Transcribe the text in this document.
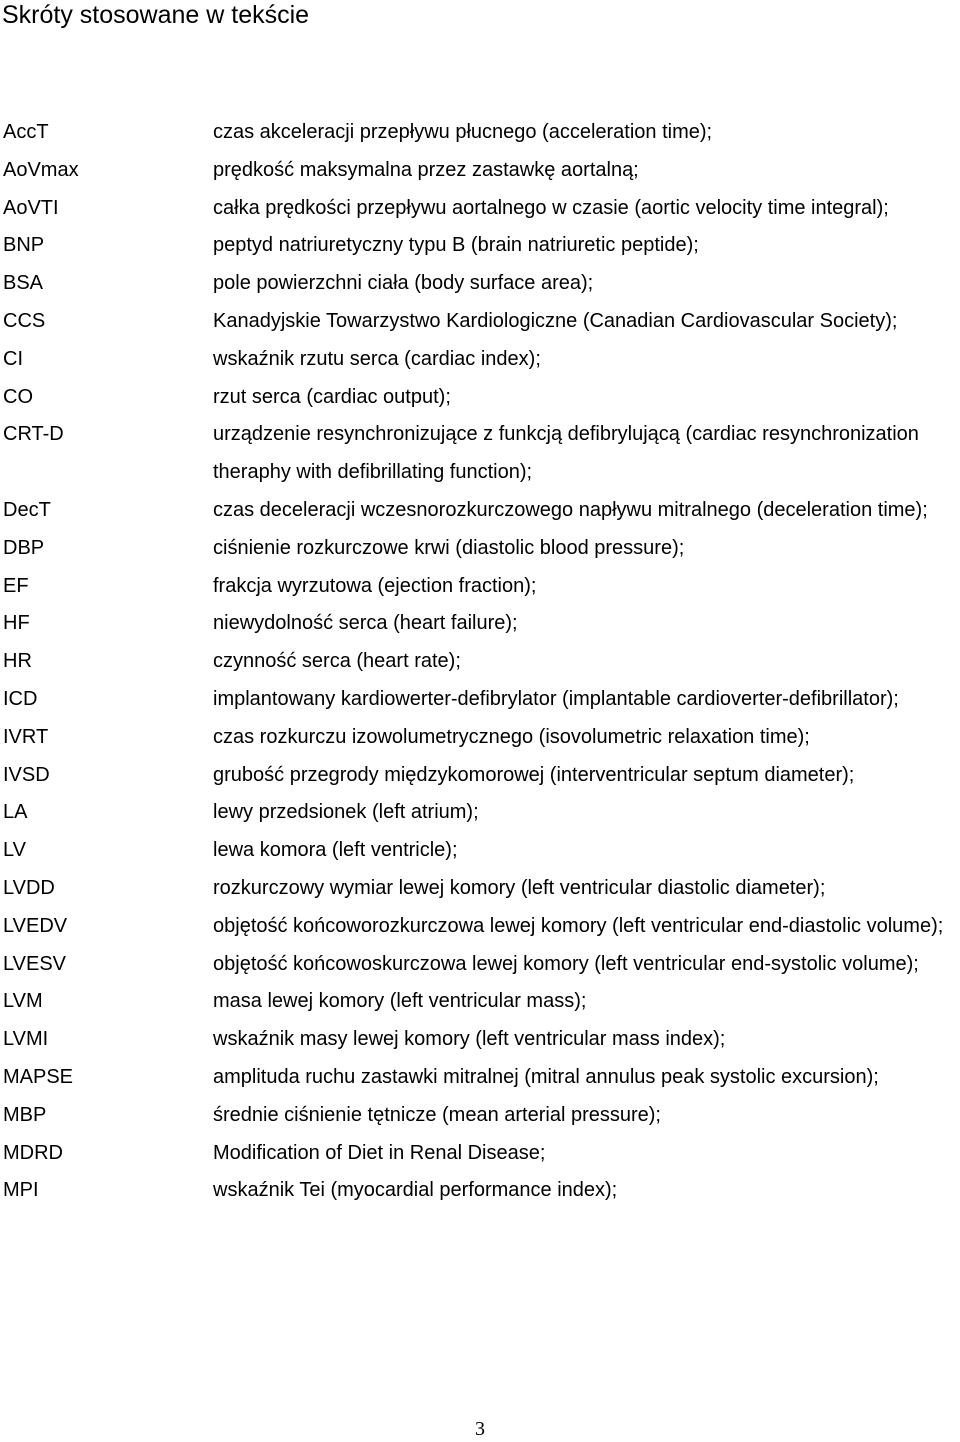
Skróty stosowane w tekście
AccT	czas akceleracji przepływu płucnego (acceleration time);
AoVmax	prędkość maksymalna przez zastawkę aortalną;
AoVTI	całka prędkości przepływu aortalnego w czasie (aortic velocity time integral);
BNP	peptyd natriuretyczny typu B (brain natriuretic peptide);
BSA	pole powierzchni ciała (body surface area);
CCS	Kanadyjskie Towarzystwo Kardiologiczne (Canadian Cardiovascular Society);
CI	wskaźnik rzutu serca (cardiac index);
CO	rzut serca (cardiac output);
CRT-D	urządzenie resynchronizujące z funkcją defibrylującą (cardiac resynchronization theraphy with defibrillating function);
DecT	czas deceleracji wczesnorozkurczowego napływu mitralnego (deceleration time);
DBP	ciśnienie rozkurczowe krwi (diastolic blood pressure);
EF	frakcja wyrzutowa (ejection fraction);
HF	niewydolność serca (heart failure);
HR	czynność serca (heart rate);
ICD	implantowany kardiowerter-defibrylator (implantable cardioverter-defibrillator);
IVRT	czas rozkurczu izowolumetrycznego (isovolumetric relaxation time);
IVSD	grubość przegrody międzykomorowej (interventricular septum diameter);
LA	lewy przedsionek (left atrium);
LV	lewa komora (left ventricle);
LVDD	rozkurczowy wymiar lewej komory (left ventricular diastolic diameter);
LVEDV	objętość końcoworozkurczowa lewej komory (left ventricular end-diastolic volume);
LVESV	objętość końcowoskurczowa lewej komory (left ventricular end-systolic volume);
LVM	masa lewej komory (left ventricular mass);
LVMI	wskaźnik masy lewej komory (left ventricular mass index);
MAPSE	amplituda ruchu zastawki mitralnej (mitral annulus peak systolic excursion);
MBP	średnie ciśnienie tętnicze (mean arterial pressure);
MDRD	Modification of Diet in Renal Disease;
MPI	wskaźnik Tei (myocardial performance index);
3
